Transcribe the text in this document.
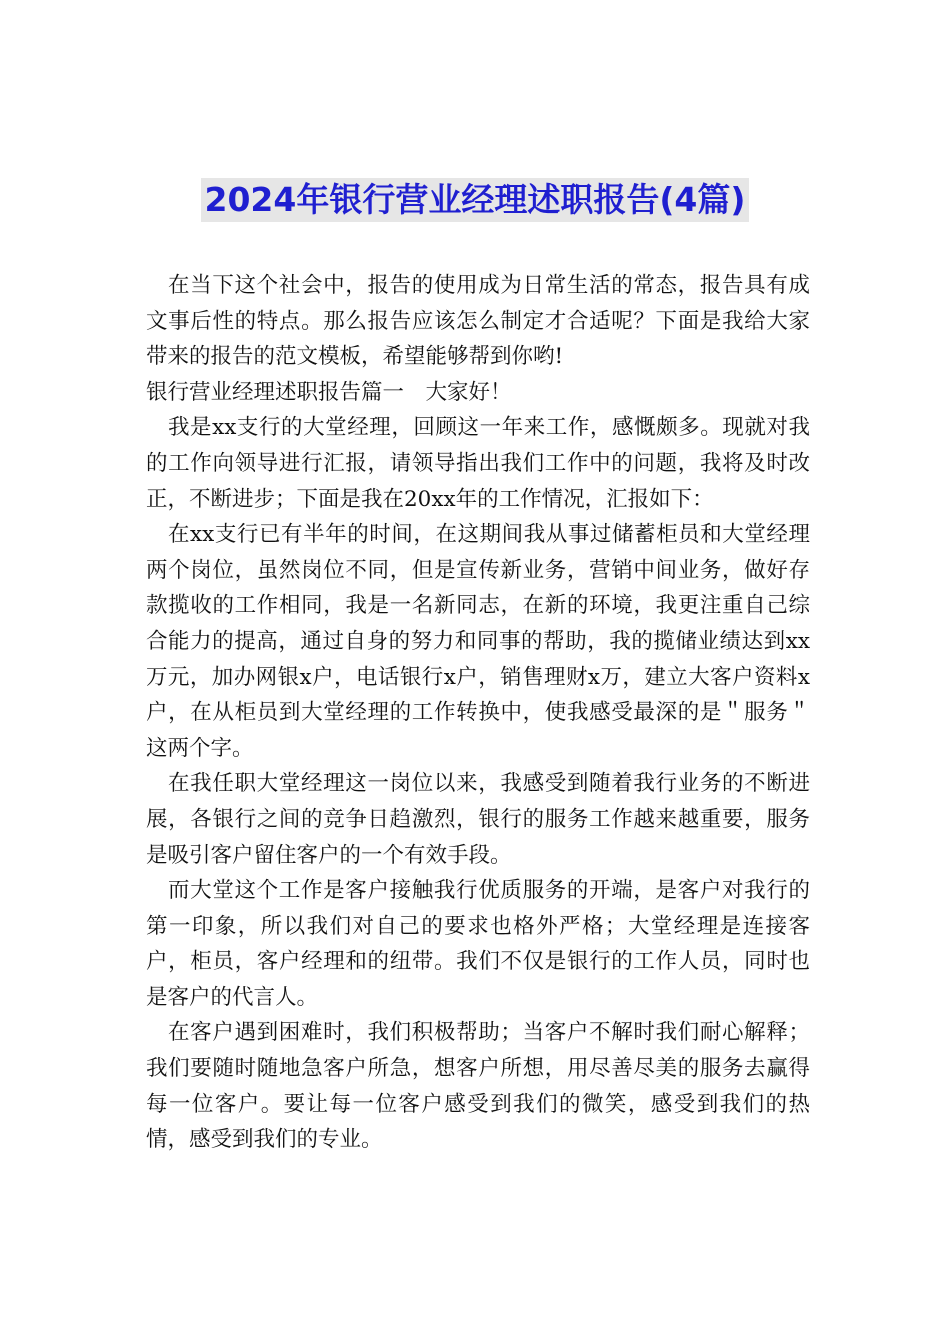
2024年银行营业经理述职报告(4篇)

在当下这个社会中，报告的使用成为日常生活的常态，报告具有成文事后性的特点。那么报告应该怎么制定才合适呢？下面是我给大家带来的报告的范文模板，希望能够帮到你哟!

银行营业经理述职报告篇一　大家好！

我是xx支行的大堂经理，回顾这一年来工作，感慨颇多。现就对我的工作向领导进行汇报，请领导指出我们工作中的问题，我将及时改正，不断进步；下面是我在20xx年的工作情况，汇报如下：

在xx支行已有半年的时间，在这期间我从事过储蓄柜员和大堂经理两个岗位，虽然岗位不同，但是宣传新业务，营销中间业务，做好存款揽收的工作相同，我是一名新同志，在新的环境，我更注重自己综合能力的提高，通过自身的努力和同事的帮助，我的揽储业绩达到xx万元，加办网银x户，电话银行x户，销售理财x万，建立大客户资料x户，在从柜员到大堂经理的工作转换中，使我感受最深的是＂服务＂这两个字。

在我任职大堂经理这一岗位以来，我感受到随着我行业务的不断进展，各银行之间的竞争日趋激烈，银行的服务工作越来越重要，服务是吸引客户留住客户的一个有效手段。

而大堂这个工作是客户接触我行优质服务的开端，是客户对我行的第一印象，所以我们对自己的要求也格外严格；大堂经理是连接客户，柜员，客户经理和的纽带。我们不仅是银行的工作人员，同时也是客户的代言人。

在客户遇到困难时，我们积极帮助；当客户不解时我们耐心解释；我们要随时随地急客户所急，想客户所想，用尽善尽美的服务去赢得每一位客户。要让每一位客户感受到我们的微笑，感受到我们的热情，感受到我们的专业。
